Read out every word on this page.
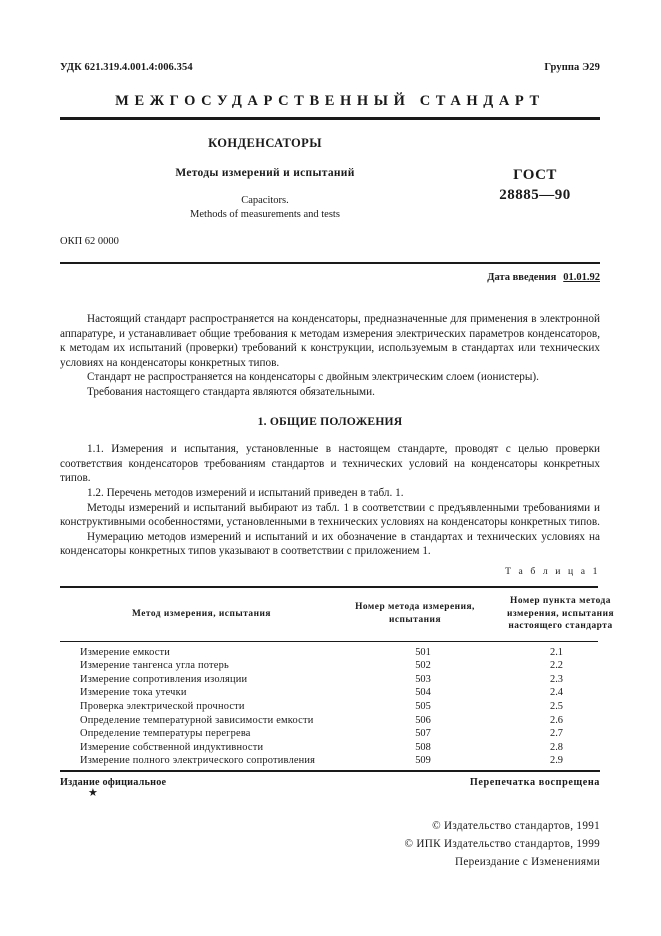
УДК 621.319.4.001.4:006.354	Группа Э29
МЕЖГОСУДАРСТВЕННЫЙ СТАНДАРТ
КОНДЕНСАТОРЫ
Методы измерений и испытаний
Capacitors.
Methods of measurements and tests
ГОСТ
28885—90
ОКП 62 0000
Дата введения 01.01.92

Настоящий стандарт распространяется на конденсаторы, предназначенные для применения в электронной аппаратуре, и устанавливает общие требования к методам измерения электрических параметров конденсаторов, к методам их испытаний (проверки) требований к конструкции, используемым в стандартах или технических условиях на конденсаторы конкретных типов.

Стандарт не распространяется на конденсаторы с двойным электрическим слоем (ионистеры).

Требования настоящего стандарта являются обязательными.

1. ОБЩИЕ ПОЛОЖЕНИЯ

1.1. Измерения и испытания, установленные в настоящем стандарте, проводят с целью проверки соответствия конденсаторов требованиям стандартов и технических условий на конденсаторы конкретных типов.

1.2. Перечень методов измерений и испытаний приведен в табл. 1.

Методы измерений и испытаний выбирают из табл. 1 в соответствии с предъявленными требованиями и конструктивными особенностями, установленными в технических условиях на конденсаторы конкретных типов.

Нумерацию методов измерений и испытаний и их обозначение в стандартах и технических условиях на конденсаторы конкретных типов указывают в соответствии с приложением 1.

Т а б л и ц а 1
Метод измерения, испытания	Номер метода измерения, испытания	Номер пункта метода измерения, испытания настоящего стандарта
Измерение емкости	501	2.1
Измерение тангенса угла потерь	502	2.2
Измерение сопротивления изоляции	503	2.3
Измерение тока утечки	504	2.4
Проверка электрической прочности	505	2.5
Определение температурной зависимости емкости	506	2.6
Определение температуры перегрева	507	2.7
Измерение собственной индуктивности	508	2.8
Измерение полного электрического сопротивления	509	2.9

Издание официальное	Перепечатка воспрещена
★
© Издательство стандартов, 1991
© ИПК Издательство стандартов, 1999
Переиздание с Изменениями
